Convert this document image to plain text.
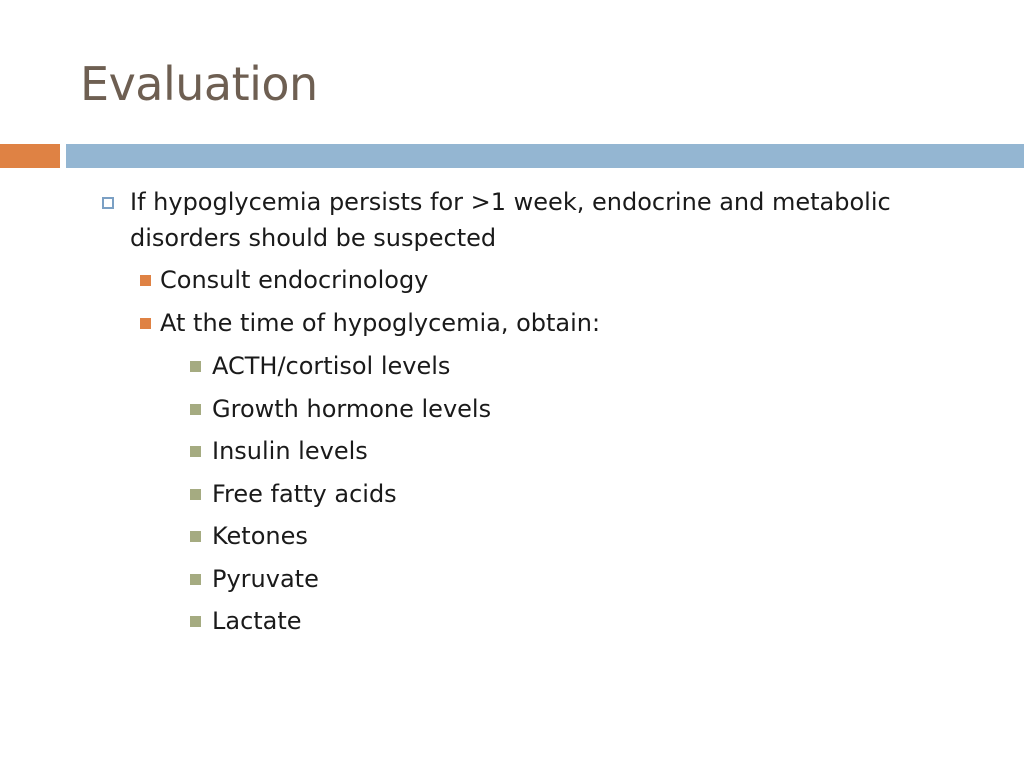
Evaluation
If hypoglycemia persists for >1 week, endocrine and metabolic disorders should be suspected
Consult endocrinology
At the time of hypoglycemia, obtain:
ACTH/cortisol levels
Growth hormone levels
Insulin levels
Free fatty acids
Ketones
Pyruvate
Lactate
